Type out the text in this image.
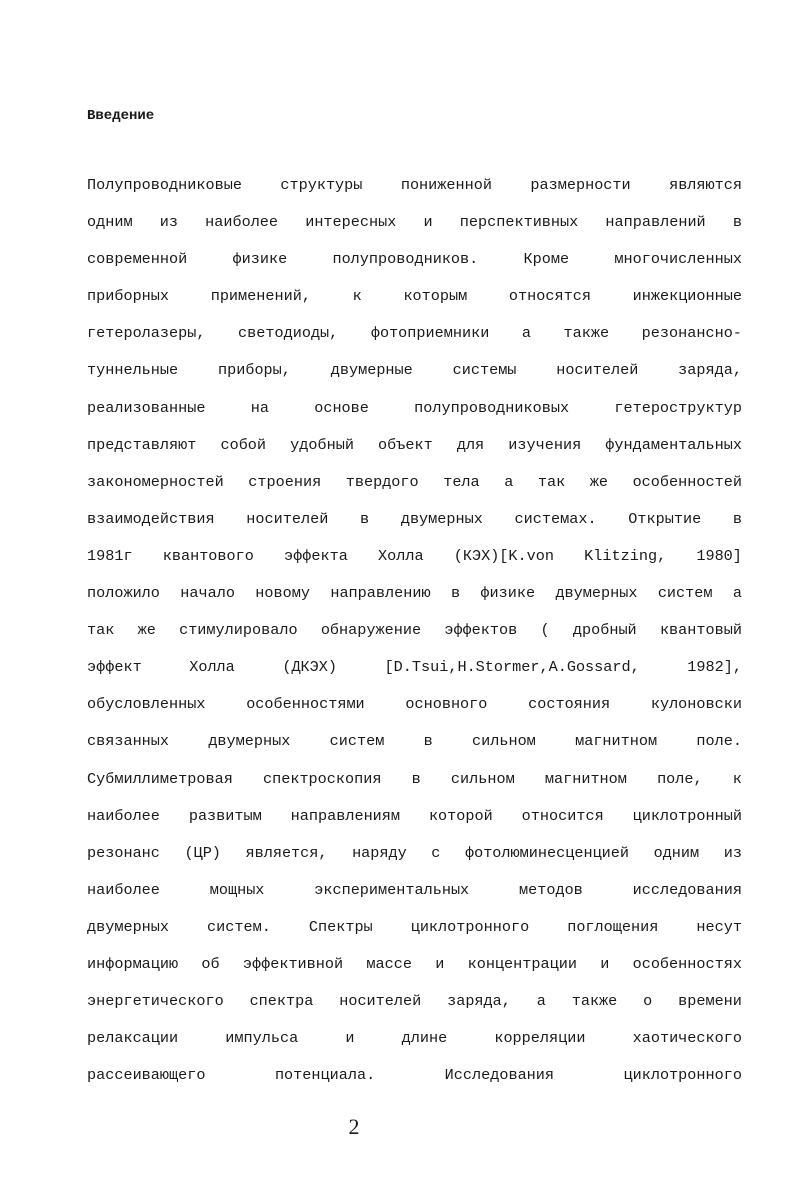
Введение
Полупроводниковые	структуры	пониженной	размерности	являются
одним из наиболее интересных и перспективных направлений в
современной	физике	полупроводников.	Кроме	многочисленных
приборных	применений,	к	которым	относятся	инжекционные
гетеролазеры, светодиоды, фотоприемники а также резонансно-
туннельные	приборы,	двумерные	системы	носителей	заряда,
реализованные	на	основе	полупроводниковых	гетероструктур
представляют собой удобный объект для изучения фундаментальных
закономерностей строения твердого тела а так же особенностей
взаимодействия носителей в двумерных системах. Открытие в
1981г квантового эффекта Холла (КЭХ)[K.von Klitzing, 1980]
положило начало новому направлению в физике двумерных систем а
так же стимулировало обнаружение эффектов ( дробный квантовый
эффект	Холла	(ДКЭХ)	[D.Tsui,H.Stormer,A.Gossard,	1982],
обусловленных	особенностями	основного	состояния	кулоновски
связанных	двумерных	систем	в	сильном	магнитном	поле.
Субмиллиметровая спектроскопия в сильном магнитном поле, к
наиболее развитым направлениям которой относится циклотронный
резонанс (ЦР) является, наряду с фотолюминесценцией одним из
наиболее	мощных	экспериментальных	методов	исследования
двумерных	систем.	Спектры	циклотронного	поглощения	несут
информацию об эффективной массе и концентрации и особенностях
энергетического спектра носителей заряда, а также о времени
релаксации	импульса	и	длине	корреляции	хаотического
рассеивающего	потенциала.	Исследования	циклотронного
2
